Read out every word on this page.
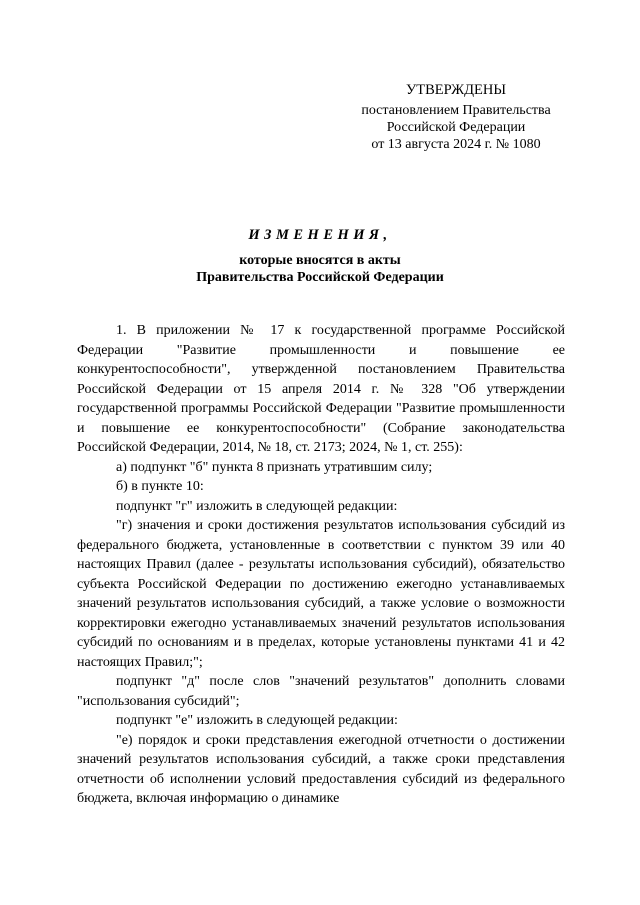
УТВЕРЖДЕНЫ
постановлением Правительства
Российской Федерации
от 13 августа 2024 г. № 1080
ИЗМЕНЕНИЯ,
которые вносятся в акты
Правительства Российской Федерации

1. В приложении № 17 к государственной программе Российской Федерации "Развитие промышленности и повышение ее конкурентоспособности", утвержденной постановлением Правительства Российской Федерации от 15 апреля 2014 г. № 328 "Об утверждении государственной программы Российской Федерации "Развитие промышленности и повышение ее конкурентоспособности" (Собрание законодательства Российской Федерации, 2014, № 18, ст. 2173; 2024, № 1, ст. 255):

а) подпункт "б" пункта 8 признать утратившим силу;

б) в пункте 10:

подпункт "г" изложить в следующей редакции:

"г) значения и сроки достижения результатов использования субсидий из федерального бюджета, установленные в соответствии с пунктом 39 или 40 настоящих Правил (далее - результаты использования субсидий), обязательство субъекта Российской Федерации по достижению ежегодно устанавливаемых значений результатов использования субсидий, а также условие о возможности корректировки ежегодно устанавливаемых значений результатов использования субсидий по основаниям и в пределах, которые установлены пунктами 41 и 42 настоящих Правил;";

подпункт "д" после слов "значений результатов" дополнить словами "использования субсидий";

подпункт "е" изложить в следующей редакции:

"е) порядок и сроки представления ежегодной отчетности о достижении значений результатов использования субсидий, а также сроки представления отчетности об исполнении условий предоставления субсидий из федерального бюджета, включая информацию о динамике
